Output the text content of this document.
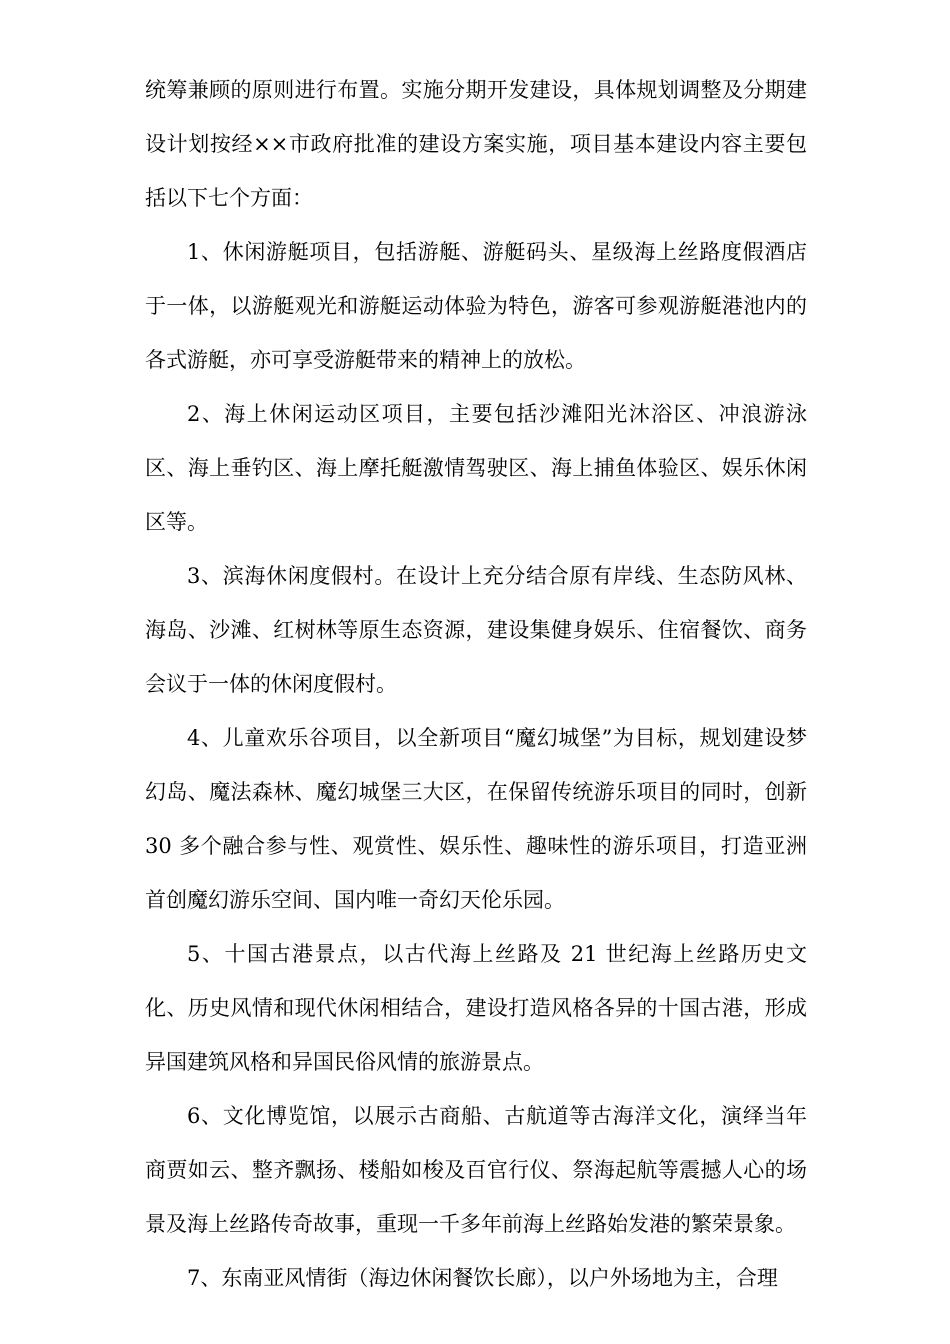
统筹兼顾的原则进行布置。实施分期开发建设，具体规划调整及分期建设计划按经××市政府批准的建设方案实施，项目基本建设内容主要包括以下七个方面：

1、休闲游艇项目，包括游艇、游艇码头、星级海上丝路度假酒店于一体，以游艇观光和游艇运动体验为特色，游客可参观游艇港池内的各式游艇，亦可享受游艇带来的精神上的放松。

2、海上休闲运动区项目，主要包括沙滩阳光沐浴区、冲浪游泳区、海上垂钓区、海上摩托艇激情驾驶区、海上捕鱼体验区、娱乐休闲区等。

3、滨海休闲度假村。在设计上充分结合原有岸线、生态防风林、海岛、沙滩、红树林等原生态资源，建设集健身娱乐、住宿餐饮、商务会议于一体的休闲度假村。

4、儿童欢乐谷项目，以全新项目“魔幻城堡”为目标，规划建设梦幻岛、魔法森林、魔幻城堡三大区，在保留传统游乐项目的同时，创新 30 多个融合参与性、观赏性、娱乐性、趣味性的游乐项目，打造亚洲首创魔幻游乐空间、国内唯一奇幻天伦乐园。

5、十国古港景点，以古代海上丝路及 21 世纪海上丝路历史文化、历史风情和现代休闲相结合，建设打造风格各异的十国古港，形成异国建筑风格和异国民俗风情的旅游景点。

6、文化博览馆，以展示古商船、古航道等古海洋文化，演绎当年商贾如云、整齐飘扬、楼船如梭及百官行仪、祭海起航等震撼人心的场景及海上丝路传奇故事，重现一千多年前海上丝路始发港的繁荣景象。

7、东南亚风情街（海边休闲餐饮长廊），以户外场地为主，合理
